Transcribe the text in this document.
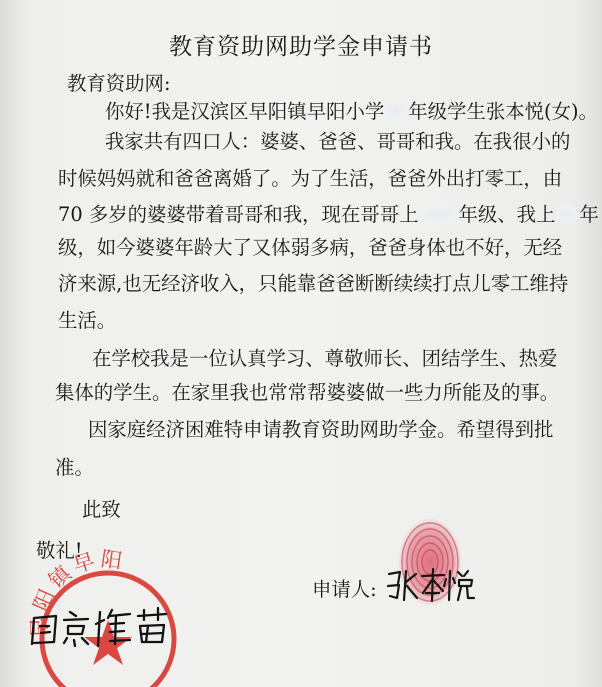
教育资助网助学金申请书
教育资助网:
你好!我是汉滨区早阳镇早阳小学 年级学生张本悦(女)。
我家共有四口人：婆婆、爸爸、哥哥和我。在我很小的
时候妈妈就和爸爸离婚了。为了生活，爸爸外出打零工，由
70 多岁的婆婆带着哥哥和我，现在哥哥上 年级、我上 年
级，如今婆婆年龄大了又体弱多病，爸爸身体也不好，无经
济来源,也无经济收入，只能靠爸爸断断续续打点儿零工维持
生活。
在学校我是一位认真学习、尊敬师长、团结学生、热爱
集体的学生。在家里我也常常帮婆婆做一些力所能及的事。
因家庭经济困难特申请教育资助网助学金。希望得到批
准。
此致
敬礼!
申请人:
早阳镇早阳
